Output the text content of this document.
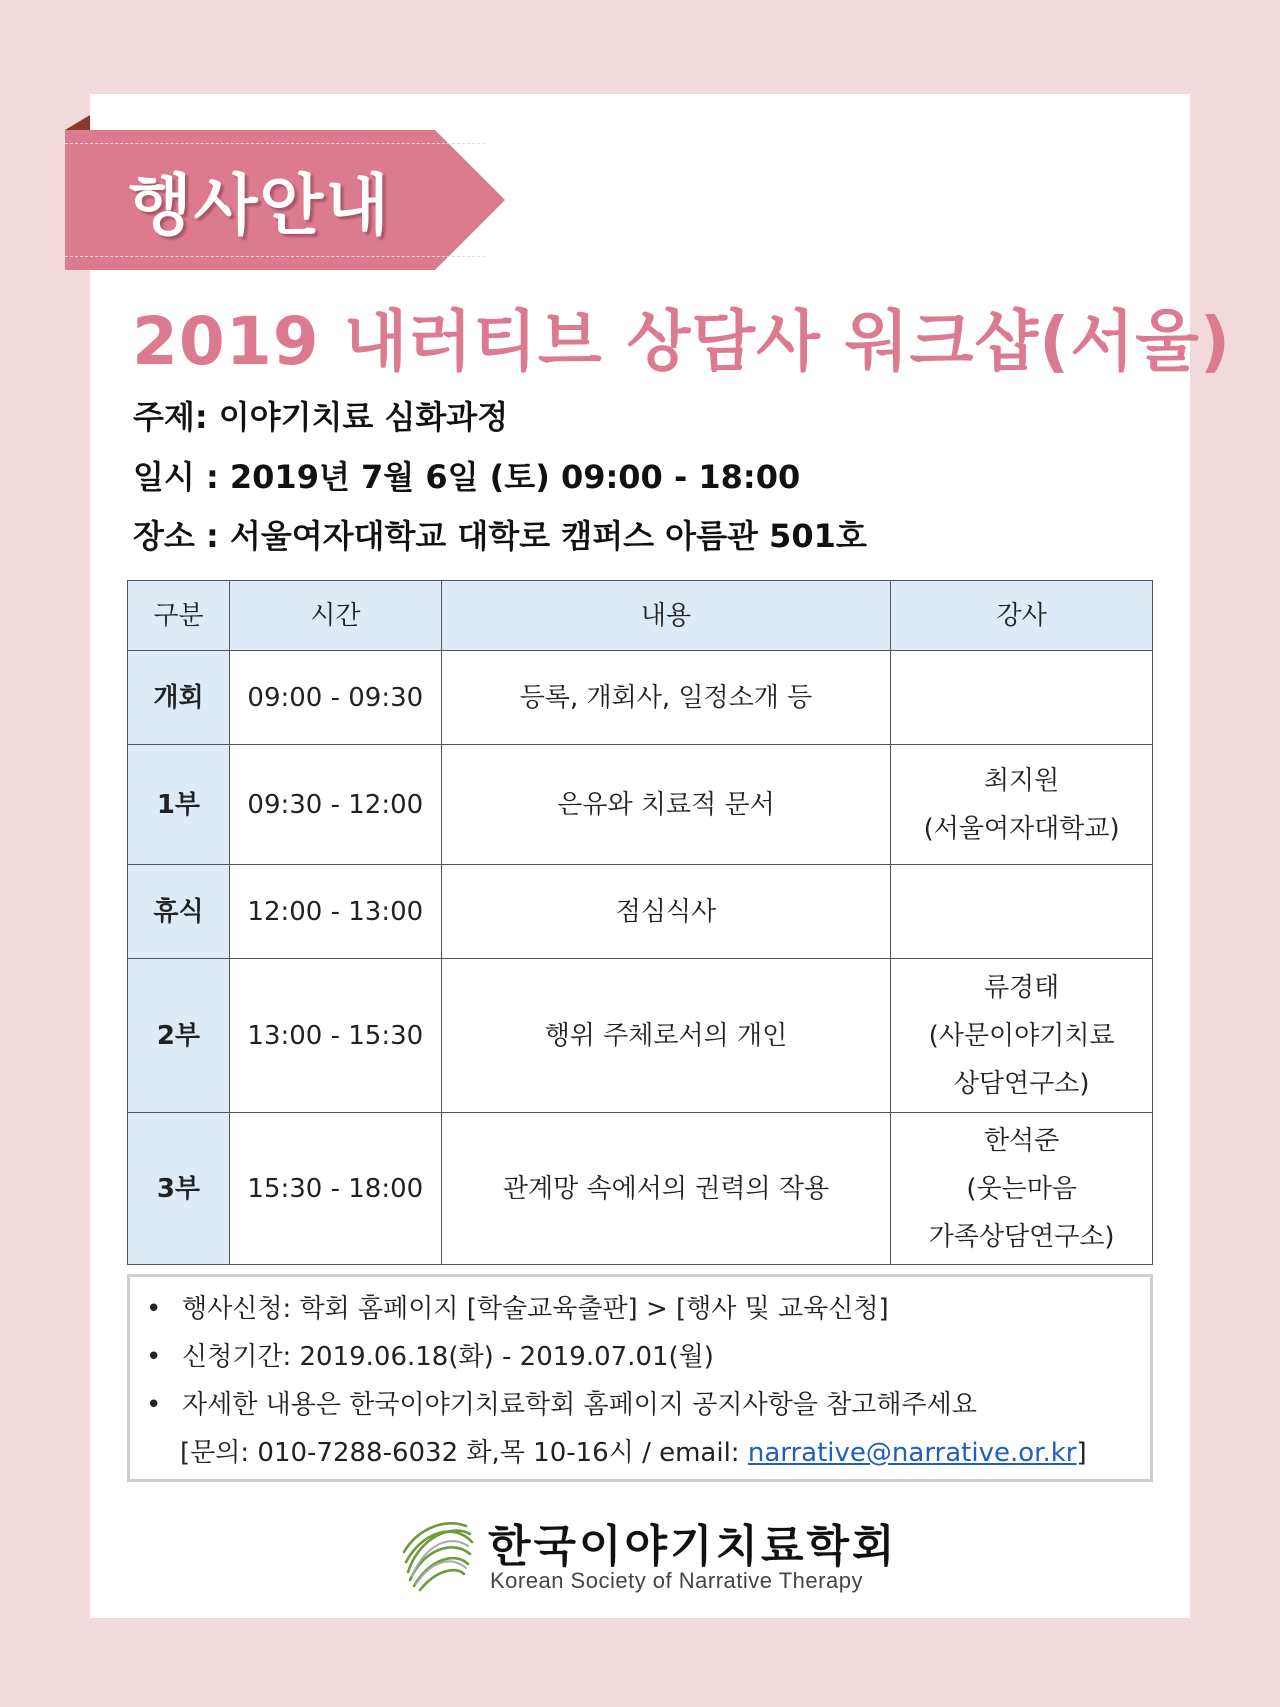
행사안내
2019 내러티브 상담사 워크샵(서울)
주제: 이야기치료 심화과정
일시 : 2019년 7월 6일 (토) 09:00 - 18:00
장소 : 서울여자대학교 대학로 캠퍼스 아름관 501호
구분	시간	내용	강사
개회	09:00 - 09:30	등록, 개회사, 일정소개 등	
1부	09:30 - 12:00	은유와 치료적 문서	최지원
(서울여자대학교)

휴식	12:00 - 13:00	점심식사	
2부	13:00 - 15:30	행위 주체로서의 개인	류경태
(사문이야기치료
상담연구소)

3부	15:30 - 18:00	관계망 속에서의 권력의 작용	한석준
(웃는마음
가족상담연구소)
• 행사신청: 학회 홈페이지 [학술교육출판] > [행사 및 교육신청]
• 신청기간: 2019.06.18(화) - 2019.07.01(월)
• 자세한 내용은 한국이야기치료학회 홈페이지 공지사항을 참고해주세요
[문의: 010-7288-6032 화,목 10-16시 / email: narrative@narrative.or.kr]
한국이야기치료학회
Korean Society of Narrative Therapy
